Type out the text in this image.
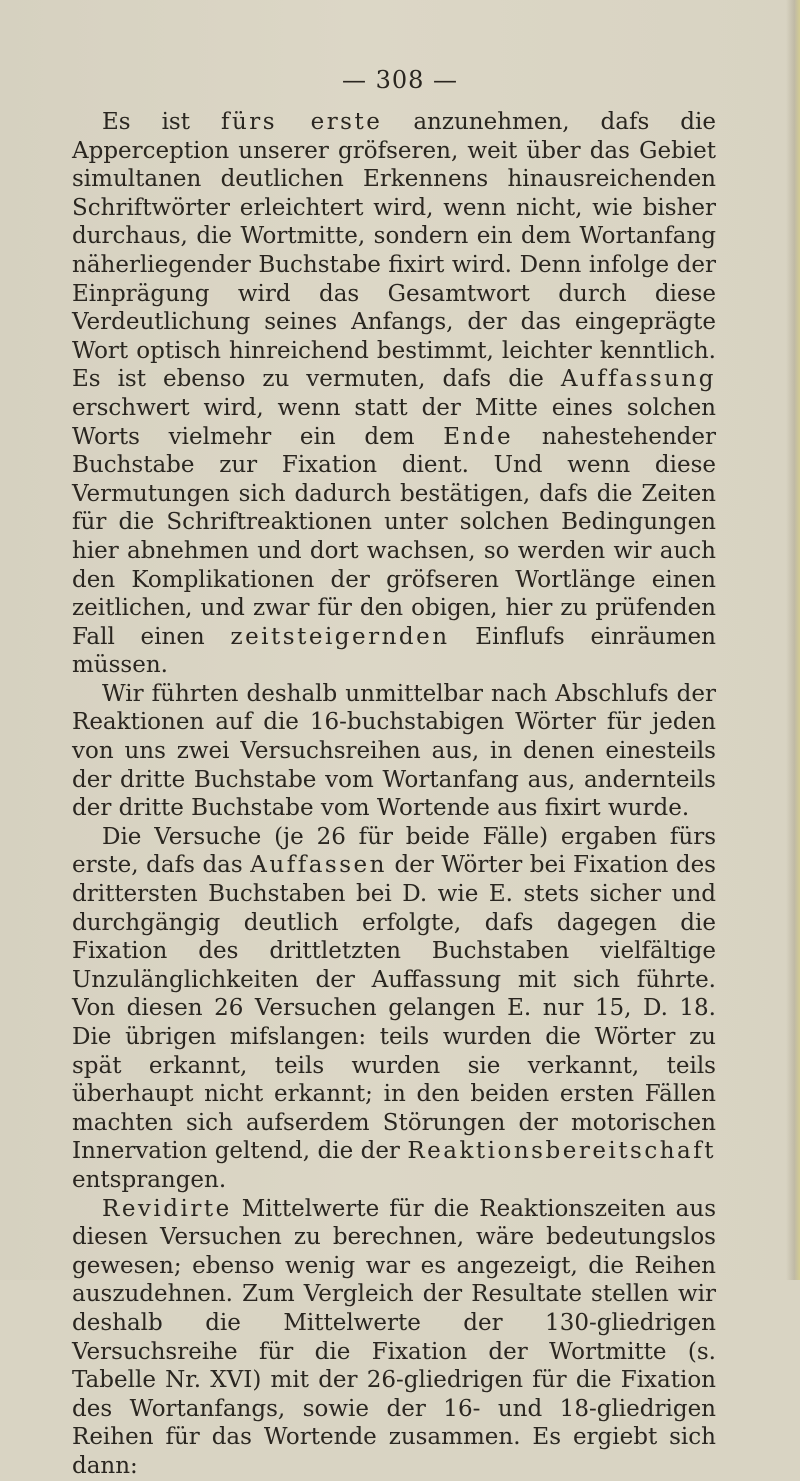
— 308 —

Es ist fürs erste anzunehmen, dafs die Apperception unserer gröfseren, weit über das Gebiet simultanen deutlichen Erkennens hinausreichenden Schriftwörter erleichtert wird, wenn nicht, wie bisher durchaus, die Wortmitte, sondern ein dem Wortanfang näherliegender Buchstabe fixirt wird. Denn infolge der Einprägung wird das Gesamtwort durch diese Verdeutlichung seines Anfangs, der das eingeprägte Wort optisch hinreichend bestimmt, leichter kenntlich. Es ist ebenso zu vermuten, dafs die Auffassung erschwert wird, wenn statt der Mitte eines solchen Worts vielmehr ein dem Ende nahestehender Buchstabe zur Fixation dient. Und wenn diese Vermutungen sich dadurch bestätigen, dafs die Zeiten für die Schriftreaktionen unter solchen Bedingungen hier abnehmen und dort wachsen, so werden wir auch den Komplikationen der gröfseren Wortlänge einen zeitlichen, und zwar für den obigen, hier zu prüfenden Fall einen zeitsteigernden Einflufs einräumen müssen.

Wir führten deshalb unmittelbar nach Abschlufs der Reaktionen auf die 16-buchstabigen Wörter für jeden von uns zwei Versuchsreihen aus, in denen einesteils der dritte Buchstabe vom Wortanfang aus, andernteils der dritte Buchstabe vom Wortende aus fixirt wurde.

Die Versuche (je 26 für beide Fälle) ergaben fürs erste, dafs das Auffassen der Wörter bei Fixation des drittersten Buchstaben bei D. wie E. stets sicher und durchgängig deutlich erfolgte, dafs dagegen die Fixation des drittletzten Buchstaben vielfältige Unzulänglichkeiten der Auffassung mit sich führte. Von diesen 26 Versuchen gelangen E. nur 15, D. 18. Die übrigen mifslangen: teils wurden die Wörter zu spät erkannt, teils wurden sie verkannt, teils überhaupt nicht erkannt; in den beiden ersten Fällen machten sich aufserdem Störungen der motorischen Innervation geltend, die der Reaktionsbereitschaft entsprangen.

Revidirte Mittelwerte für die Reaktionszeiten aus diesen Versuchen zu berechnen, wäre bedeutungslos gewesen; ebenso wenig war es angezeigt, die Reihen auszudehnen. Zum Vergleich der Resultate stellen wir deshalb die Mittelwerte der 130-gliedrigen Versuchsreihe für die Fixation der Wortmitte (s. Tabelle Nr. XVI) mit der 26-gliedrigen für die Fixation des Wortanfangs, sowie der 16- und 18-gliedrigen Reihen für das Wortende zusammen. Es ergiebt sich dann:
